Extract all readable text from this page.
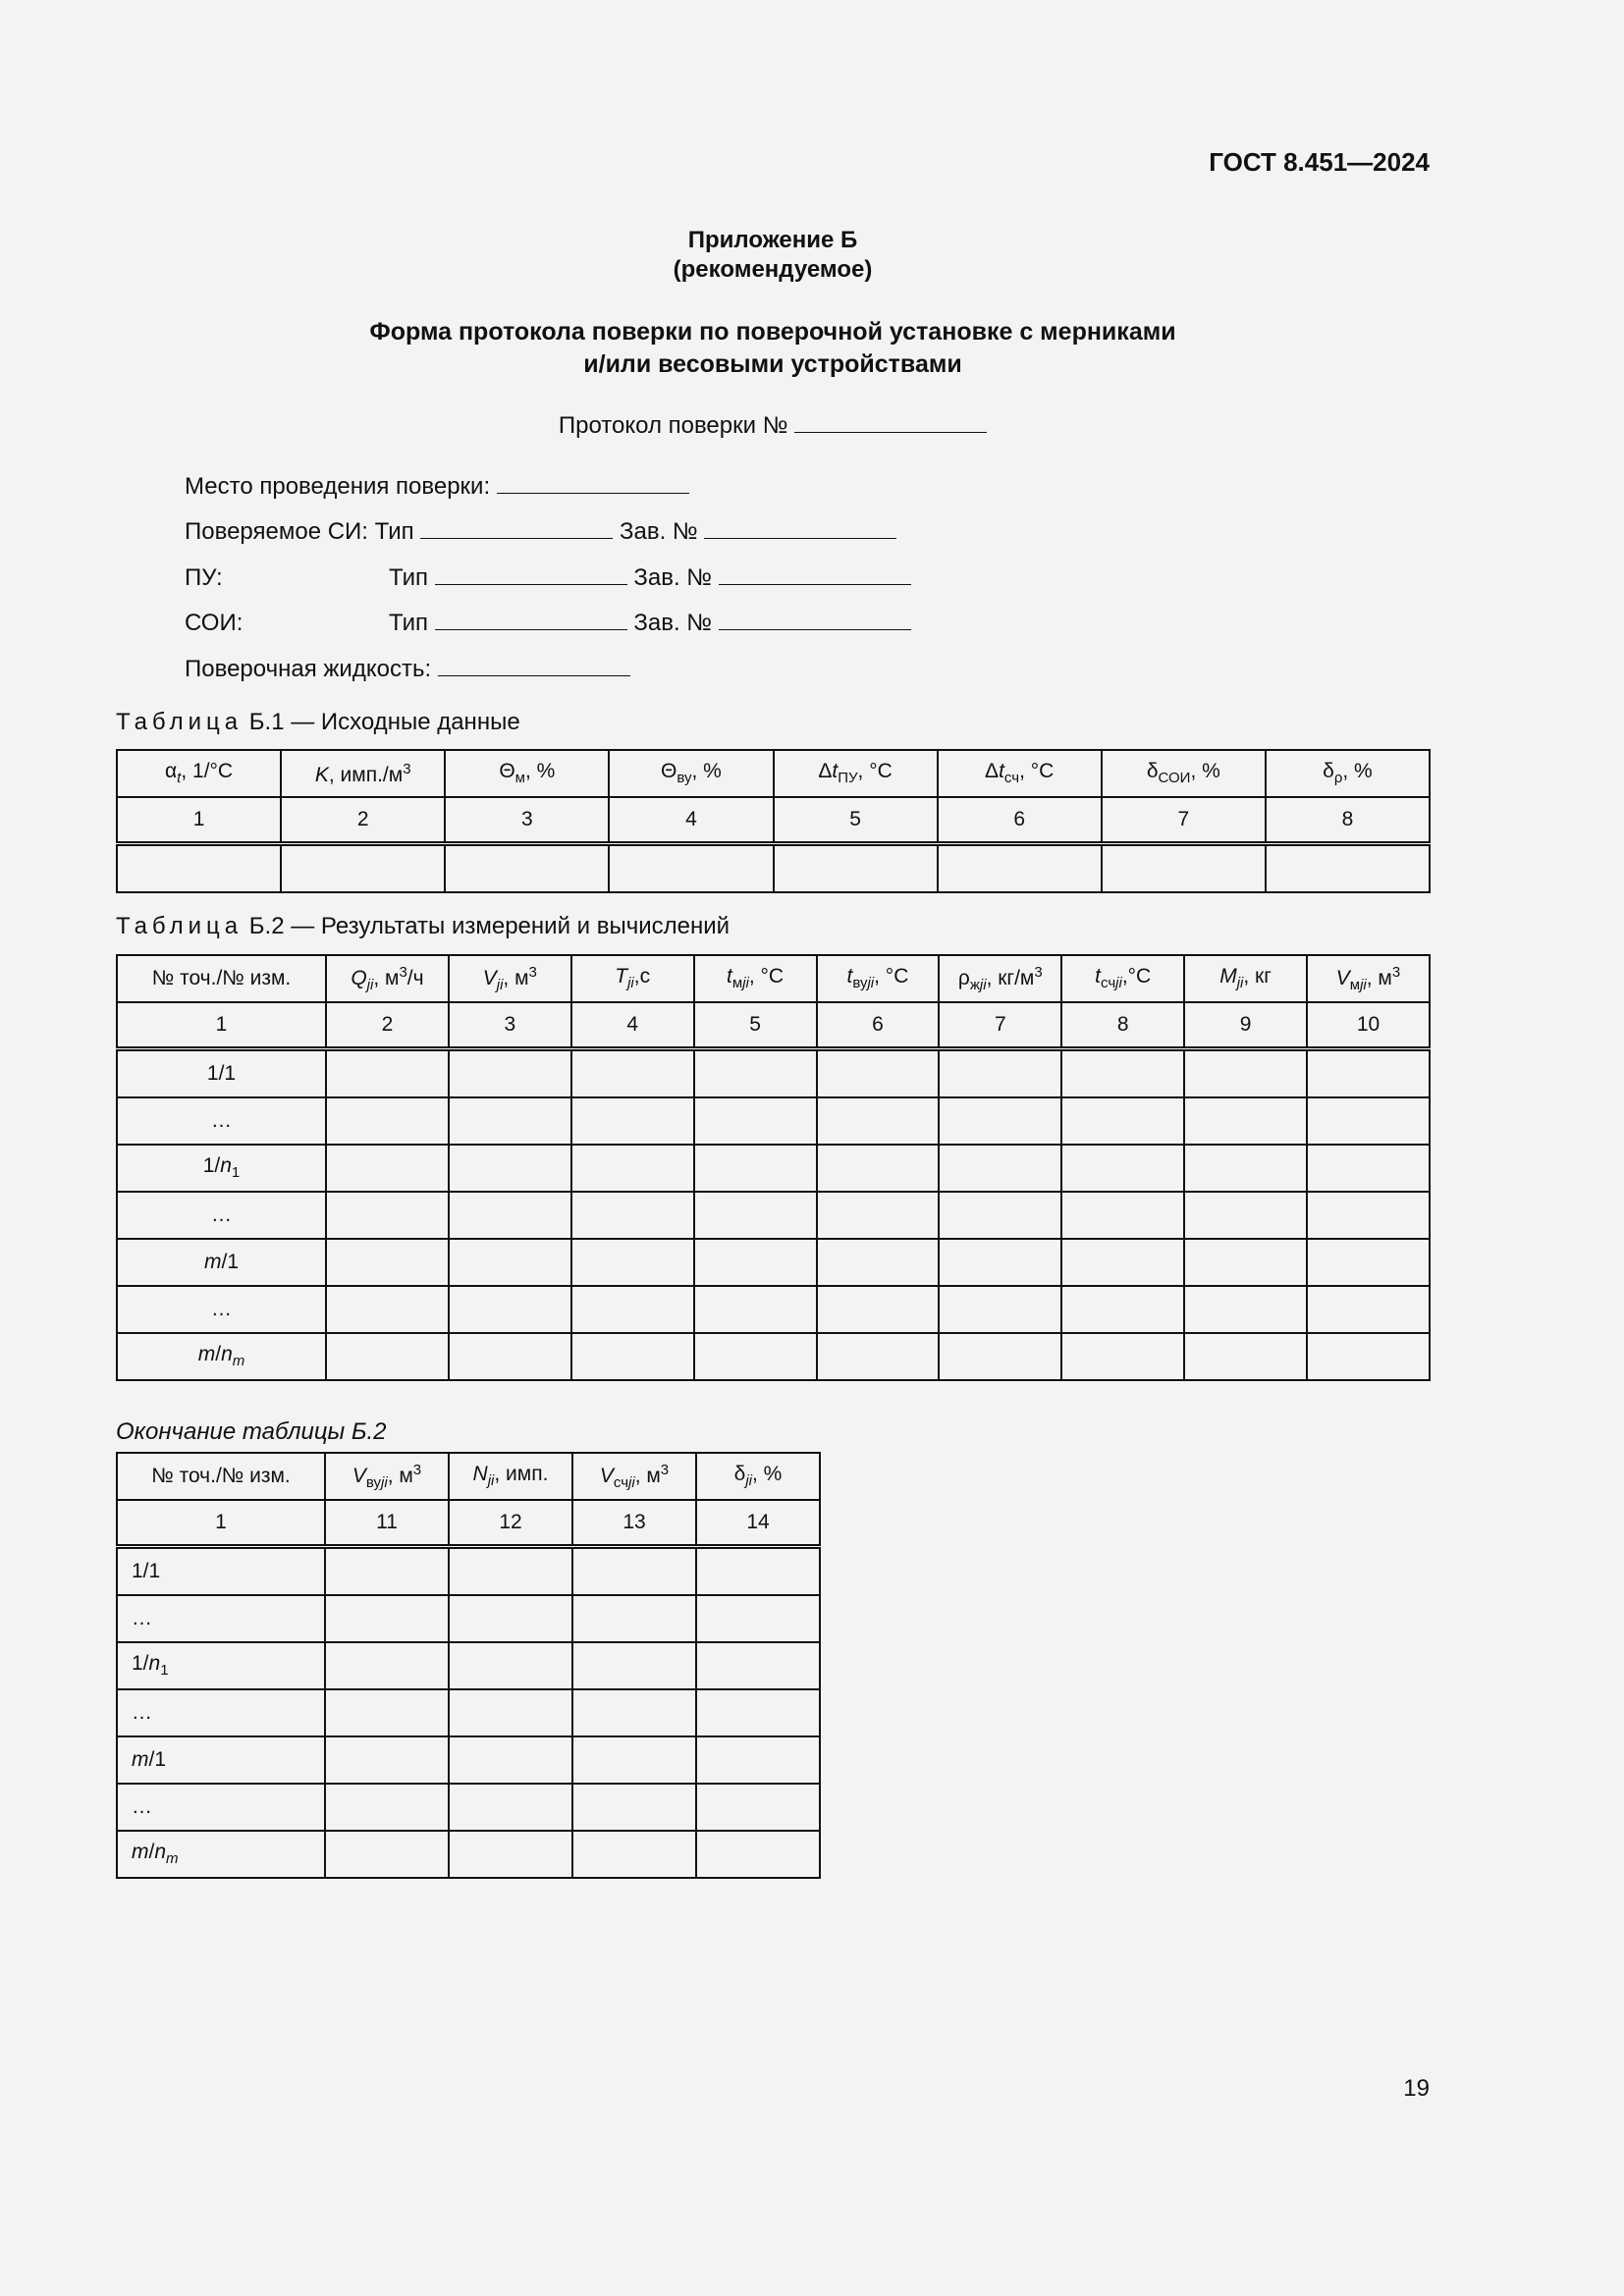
ГОСТ 8.451—2024
Приложение Б
(рекомендуемое)
Форма протокола поверки по поверочной установке с мерниками
и/или весовыми устройствами
Протокол поверки №
Место проведения поверки:
Поверяемое СИ: Тип	Зав. №
ПУ:	Тип	Зав. №
СОИ:	Тип	Зав. №
Поверочная жидкость:
Таблица Б.1 — Исходные данные
$\alpha_t$, 1/°С	K, $имп./м^3$	$\Theta_м$, %	$\Theta_{ву}$, %	$\Delta t_{ПУ}$, °С	$\Delta t_{сч}$, °С	$\delta_{СОИ}$, %	$\delta_\rho$, %
1	2	3	4	5	6	7	8

Таблица Б.2 — Результаты измерений и вычислений
№ точ./№ изм.	$Q_{ji}$, $м^3/ч$	$V_{ji}$, $м^3$	$T_{ji},с$	$t_{мji}$, °С	$t_{вуji}$, °С	$\rho_{жji}$, $кг/м^3$	$t_{счji},^\circ С$	$M_{ji}$, кг	$V_{мji}$, $м^3$
1	2	3	4	5	6	7	8	9	10
1/1									
…									
$1/n_1$									
…									
m/1									
…									
$m/n_m$									
Окончание таблицы Б.2
№ точ./№ изм.	$V_{вуji}$, $м^3$	$N_{ji}$, имп.	$V_{счji}$, $м^3$	$\delta_{ji}$, %
1	11	12	13	14
1/1				
…				
$1/n_1$				
…				
m/1				
…				
$m/n_m$				
19
